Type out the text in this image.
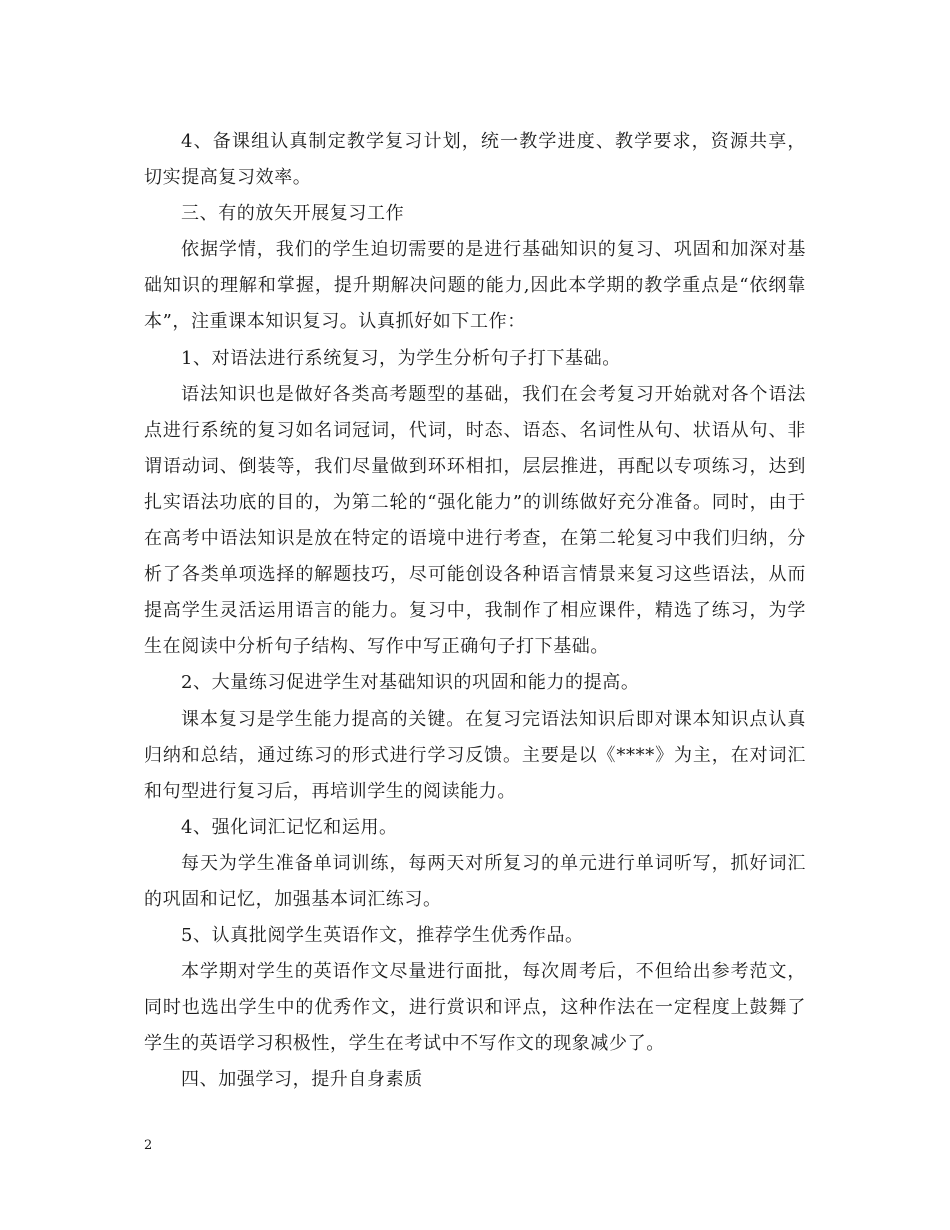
4、备课组认真制定教学复习计划，统一教学进度、教学要求，资源共享，切实提高复习效率。

三、有的放矢开展复习工作

依据学情，我们的学生迫切需要的是进行基础知识的复习、巩固和加深对基础知识的理解和掌握，提升期解决问题的能力,因此本学期的教学重点是“依纲靠本”，注重课本知识复习。认真抓好如下工作：

1、对语法进行系统复习，为学生分析句子打下基础。

语法知识也是做好各类高考题型的基础，我们在会考复习开始就对各个语法点进行系统的复习如名词冠词，代词，时态、语态、名词性从句、状语从句、非谓语动词、倒装等，我们尽量做到环环相扣，层层推进，再配以专项练习，达到扎实语法功底的目的，为第二轮的“强化能力”的训练做好充分准备。同时，由于在高考中语法知识是放在特定的语境中进行考查，在第二轮复习中我们归纳，分析了各类单项选择的解题技巧，尽可能创设各种语言情景来复习这些语法，从而提高学生灵活运用语言的能力。复习中，我制作了相应课件，精选了练习，为学生在阅读中分析句子结构、写作中写正确句子打下基础。

2、大量练习促进学生对基础知识的巩固和能力的提高。

课本复习是学生能力提高的关键。在复习完语法知识后即对课本知识点认真归纳和总结，通过练习的形式进行学习反馈。主要是以《****》为主，在对词汇和句型进行复习后，再培训学生的阅读能力。

4、强化词汇记忆和运用。

每天为学生准备单词训练，每两天对所复习的单元进行单词听写，抓好词汇的巩固和记忆，加强基本词汇练习。

5、认真批阅学生英语作文，推荐学生优秀作品。

本学期对学生的英语作文尽量进行面批，每次周考后，不但给出参考范文，同时也选出学生中的优秀作文，进行赏识和评点，这种作法在一定程度上鼓舞了学生的英语学习积极性，学生在考试中不写作文的现象减少了。

四、加强学习，提升自身素质

2
